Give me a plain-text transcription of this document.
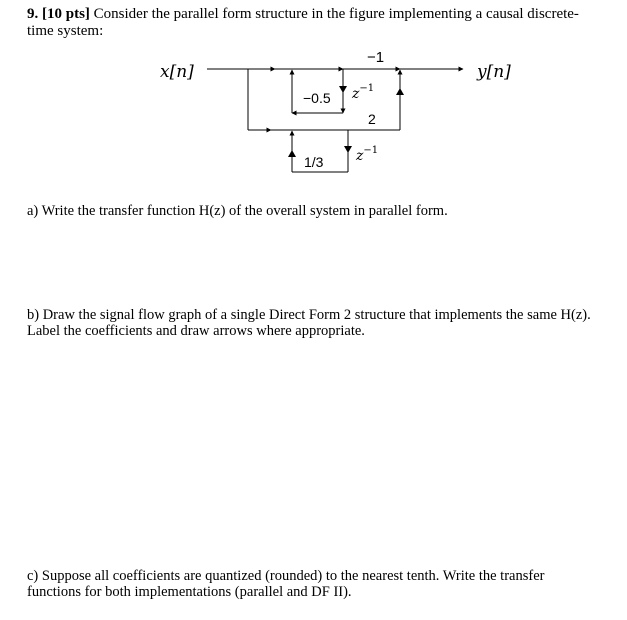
9. [10 pts] Consider the parallel form structure in the figure implementing a causal discrete-
time system:
x[n]	y[n]
−1
−0.5
2
1/3
$z^{-1}$
$z^{-1}$
a) Write the transfer function H(z) of the overall system in parallel form.
b) Draw the signal flow graph of a single Direct Form 2 structure that implements the same H(z).
Label the coefficients and draw arrows where appropriate.
c) Suppose all coefficients are quantized (rounded) to the nearest tenth. Write the transfer
functions for both implementations (parallel and DF II).
